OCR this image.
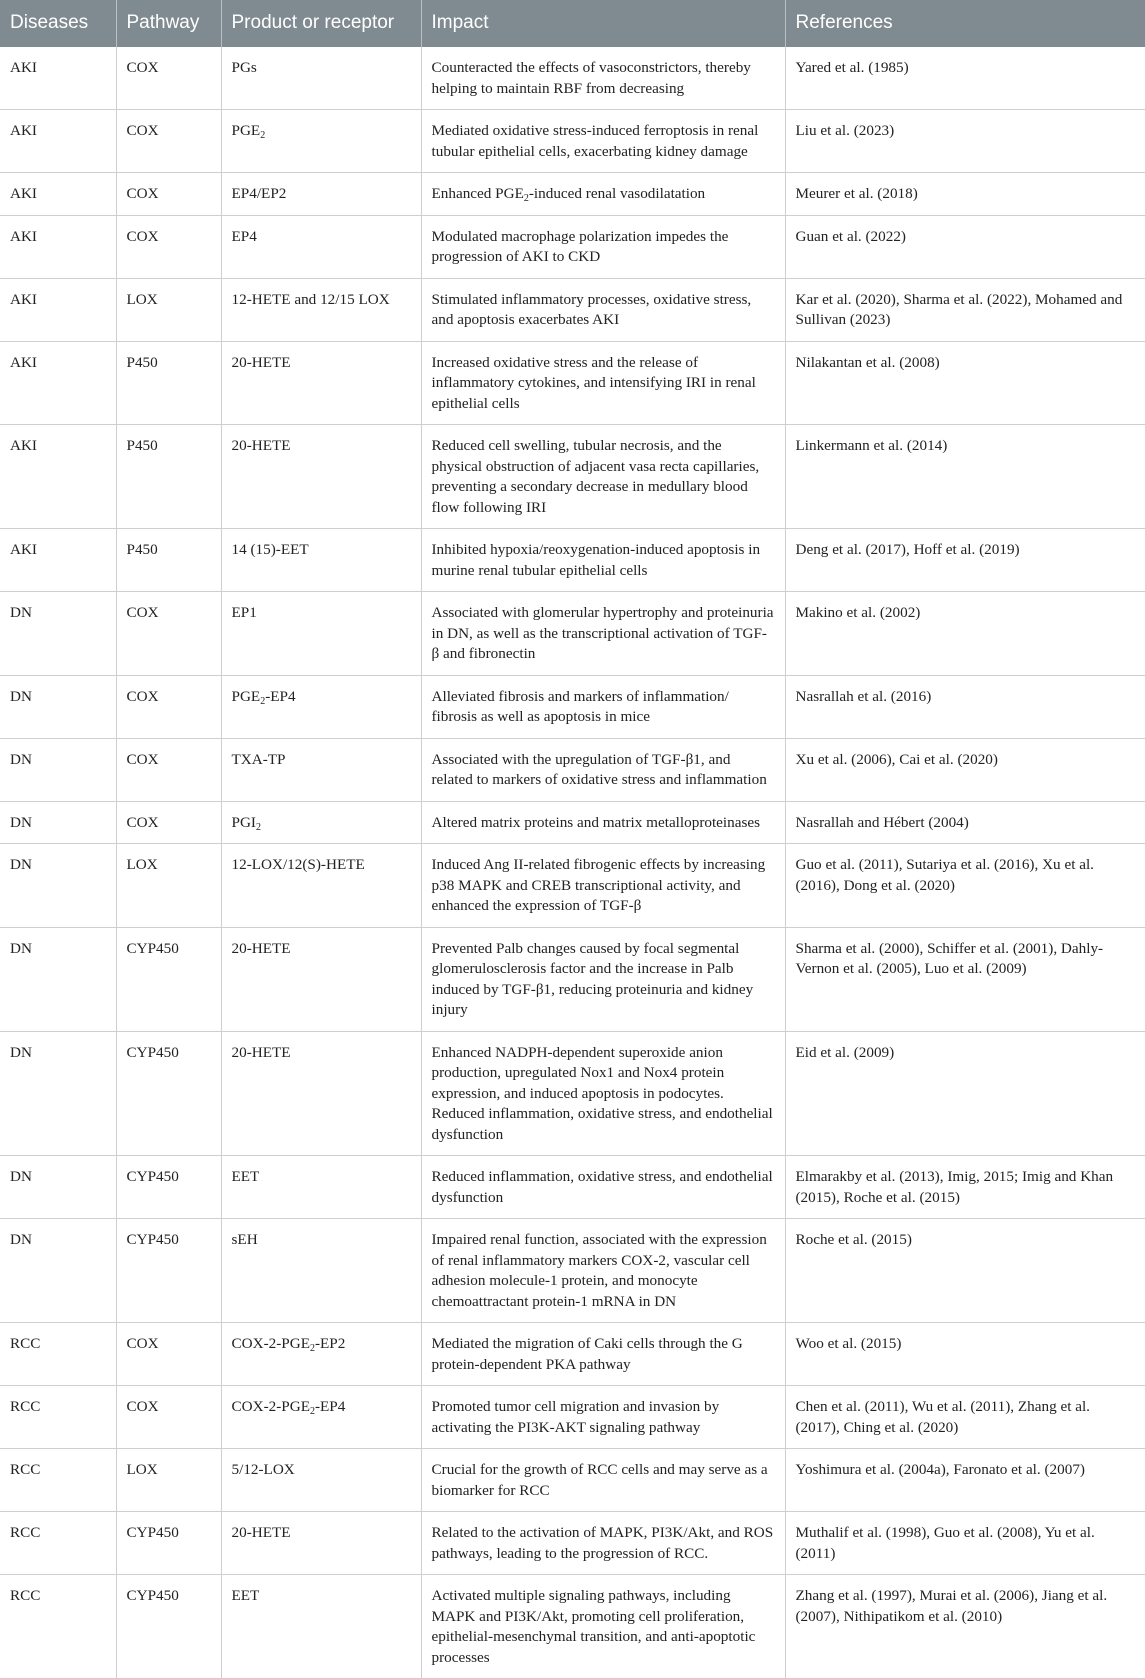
Diseases	Pathway	Product or receptor	Impact	References
AKI	COX	PGs	Counteracted the effects of vasoconstrictors, thereby helping to maintain RBF from decreasing	Yared et al. (1985)
AKI	COX	$PGE_2$	Mediated oxidative stress-induced ferroptosis in renal tubular epithelial cells, exacerbating kidney damage	Liu et al. (2023)
AKI	COX	EP4/EP2	Enhanced $PGE_2$-induced renal vasodilatation	Meurer et al. (2018)
AKI	COX	EP4	Modulated macrophage polarization impedes the progression of AKI to CKD	Guan et al. (2022)
AKI	LOX	12-HETE and 12/15 LOX	Stimulated inflammatory processes, oxidative stress, and apoptosis exacerbates AKI	Kar et al. (2020), Sharma et al. (2022), Mohamed and Sullivan (2023)
AKI	P450	20-HETE	Increased oxidative stress and the release of inflammatory cytokines, and intensifying IRI in renal epithelial cells	Nilakantan et al. (2008)
AKI	P450	20-HETE	Reduced cell swelling, tubular necrosis, and the physical obstruction of adjacent vasa recta capillaries, preventing a secondary decrease in medullary blood flow following IRI	Linkermann et al. (2014)
AKI	P450	14 (15)-EET	Inhibited hypoxia/reoxygenation-induced apoptosis in murine renal tubular epithelial cells	Deng et al. (2017), Hoff et al. (2019)
DN	COX	EP1	Associated with glomerular hypertrophy and proteinuria in DN, as well as the transcriptional activation of TGF-β and fibronectin	Makino et al. (2002)
DN	COX	$PGE_2-EP4$	Alleviated fibrosis and markers of inflammation/ fibrosis as well as apoptosis in mice	Nasrallah et al. (2016)
DN	COX	TXA-TP	Associated with the upregulation of TGF-β1, and related to markers of oxidative stress and inflammation	Xu et al. (2006), Cai et al. (2020)
DN	COX	$PGI_2$	Altered matrix proteins and matrix metalloproteinases	Nasrallah and Hébert (2004)
DN	LOX	12-LOX/12(S)-HETE	Induced Ang II-related fibrogenic effects by increasing p38 MAPK and CREB transcriptional activity, and enhanced the expression of TGF-β	Guo et al. (2011), Sutariya et al. (2016), Xu et al. (2016), Dong et al. (2020)
DN	CYP450	20-HETE	Prevented Palb changes caused by focal segmental glomerulosclerosis factor and the increase in Palb induced by TGF-β1, reducing proteinuria and kidney injury	Sharma et al. (2000), Schiffer et al. (2001), Dahly-Vernon et al. (2005), Luo et al. (2009)
DN	CYP450	20-HETE	Enhanced NADPH-dependent superoxide anion production, upregulated Nox1 and Nox4 protein expression, and induced apoptosis in podocytes. Reduced inflammation, oxidative stress, and endothelial dysfunction	Eid et al. (2009)
DN	CYP450	EET	Reduced inflammation, oxidative stress, and endothelial dysfunction	Elmarakby et al. (2013), Imig, 2015; Imig and Khan (2015), Roche et al. (2015)
DN	CYP450	sEH	Impaired renal function, associated with the expression of renal inflammatory markers COX-2, vascular cell adhesion molecule-1 protein, and monocyte chemoattractant protein-1 mRNA in DN	Roche et al. (2015)
RCC	COX	COX-$2-PGE_2-EP2$	Mediated the migration of Caki cells through the G protein-dependent PKA pathway	Woo et al. (2015)
RCC	COX	COX-$2-PGE_2-EP4$	Promoted tumor cell migration and invasion by activating the PI3K-AKT signaling pathway	Chen et al. (2011), Wu et al. (2011), Zhang et al. (2017), Ching et al. (2020)
RCC	LOX	5/12-LOX	Crucial for the growth of RCC cells and may serve as a biomarker for RCC	Yoshimura et al. (2004a), Faronato et al. (2007)
RCC	CYP450	20-HETE	Related to the activation of MAPK, PI3K/Akt, and ROS pathways, leading to the progression of RCC.	Muthalif et al. (1998), Guo et al. (2008), Yu et al. (2011)
RCC	CYP450	EET	Activated multiple signaling pathways, including MAPK and PI3K/Akt, promoting cell proliferation, epithelial-mesenchymal transition, and anti-apoptotic processes	Zhang et al. (1997), Murai et al. (2006), Jiang et al. (2007), Nithipatikom et al. (2010)
